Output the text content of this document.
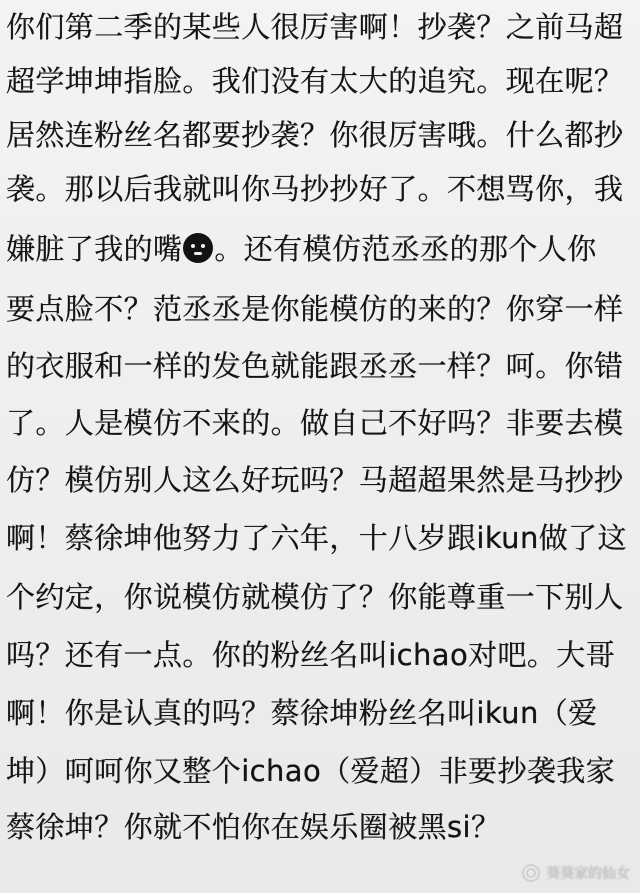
你们第二季的某些人很厉害啊！抄袭？之前马超
超学坤坤指脸。我们没有太大的追究。现在呢？
居然连粉丝名都要抄袭？你很厉害哦。什么都抄
袭。那以后我就叫你马抄抄好了。不想骂你，我
嫌脏了我的嘴 。还有模仿范丞丞的那个人你
要点脸不？范丞丞是你能模仿的来的？你穿一样
的衣服和一样的发色就能跟丞丞一样？呵。你错
了。人是模仿不来的。做自己不好吗？非要去模
仿？模仿别人这么好玩吗？马超超果然是马抄抄
啊！蔡徐坤他努力了六年，十八岁跟ikun做了这
个约定，你说模仿就模仿了？你能尊重一下别人
吗？还有一点。你的粉丝名叫ichao对吧。大哥
啊！你是认真的吗？蔡徐坤粉丝名叫ikun（爱
坤）呵呵你又整个ichao（爱超）非要抄袭我家
蔡徐坤？你就不怕你在娱乐圈被黑si？
葵葵家的仙女
